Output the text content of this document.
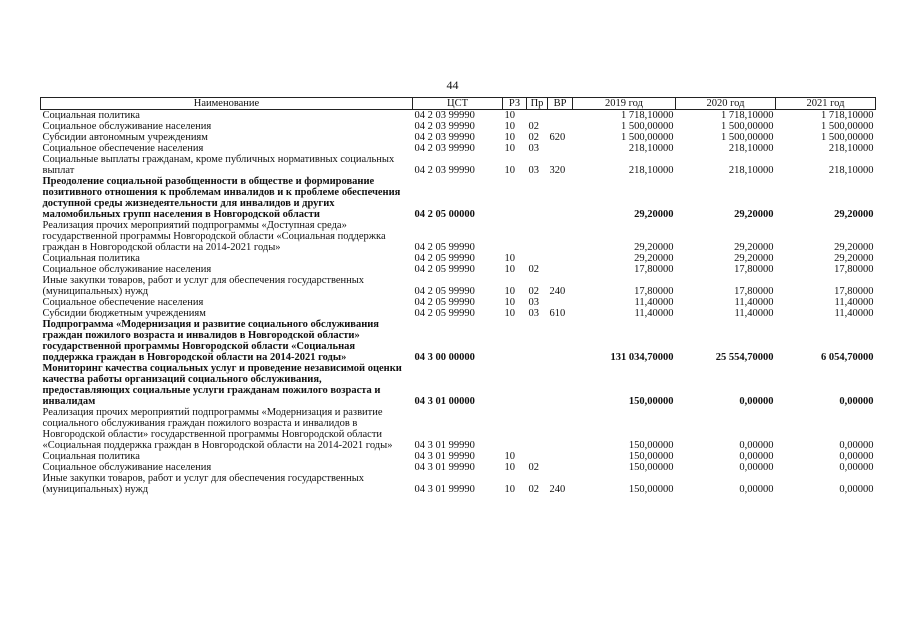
44
Наименование	ЦСТ	РЗ	Пр	ВР	2019 год	2020 год	2021 год
Социальная политика	04 2 03 99990	10			1 718,10000	1 718,10000	1 718,10000
Социальное обслуживание населения	04 2 03 99990	10	02		1 500,00000	1 500,00000	1 500,00000
Субсидии автономным учреждениям	04 2 03 99990	10	02	620	1 500,00000	1 500,00000	1 500,00000
Социальное обеспечение населения	04 2 03 99990	10	03		218,10000	218,10000	218,10000
Социальные выплаты гражданам, кроме публичных нормативных социальных выплат	04 2 03 99990	10	03	320	218,10000	218,10000	218,10000
Преодоление социальной разобщенности в обществе и формирование позитивного отношения к проблемам инвалидов и к проблеме обеспечения доступной среды жизнедеятельности для инвалидов и других маломобильных групп населения в Новгородской области	04 2 05 00000				29,20000	29,20000	29,20000
Реализация прочих мероприятий подпрограммы «Доступная среда» государственной программы Новгородской области «Социальная поддержка граждан в Новгородской области на 2014-2021 годы»	04 2 05 99990				29,20000	29,20000	29,20000
Социальная политика	04 2 05 99990	10			29,20000	29,20000	29,20000
Социальное обслуживание населения	04 2 05 99990	10	02		17,80000	17,80000	17,80000
Иные закупки товаров, работ и услуг для обеспечения государственных (муниципальных) нужд	04 2 05 99990	10	02	240	17,80000	17,80000	17,80000
Социальное обеспечение населения	04 2 05 99990	10	03		11,40000	11,40000	11,40000
Субсидии бюджетным учреждениям	04 2 05 99990	10	03	610	11,40000	11,40000	11,40000
Подпрограмма «Модернизация и развитие социального обслуживания граждан пожилого возраста и инвалидов в Новгородской области» государственной программы Новгородской области «Социальная поддержка граждан в Новгородской области на 2014-2021 годы»	04 3 00 00000				131 034,70000	25 554,70000	6 054,70000
Мониторинг качества социальных услуг и проведение независимой оценки качества работы организаций социального обслуживания, предоставляющих социальные услуги гражданам пожилого возраста и инвалидам	04 3 01 00000				150,00000	0,00000	0,00000
Реализация прочих мероприятий подпрограммы «Модернизация и развитие социального обслуживания граждан пожилого возраста и инвалидов в Новгородской области» государственной программы Новгородской области «Социальная поддержка граждан в Новгородской области на 2014-2021 годы»	04 3 01 99990				150,00000	0,00000	0,00000
Социальная политика	04 3 01 99990	10			150,00000	0,00000	0,00000
Социальное обслуживание населения	04 3 01 99990	10	02		150,00000	0,00000	0,00000
Иные закупки товаров, работ и услуг для обеспечения государственных (муниципальных) нужд	04 3 01 99990	10	02	240	150,00000	0,00000	0,00000
